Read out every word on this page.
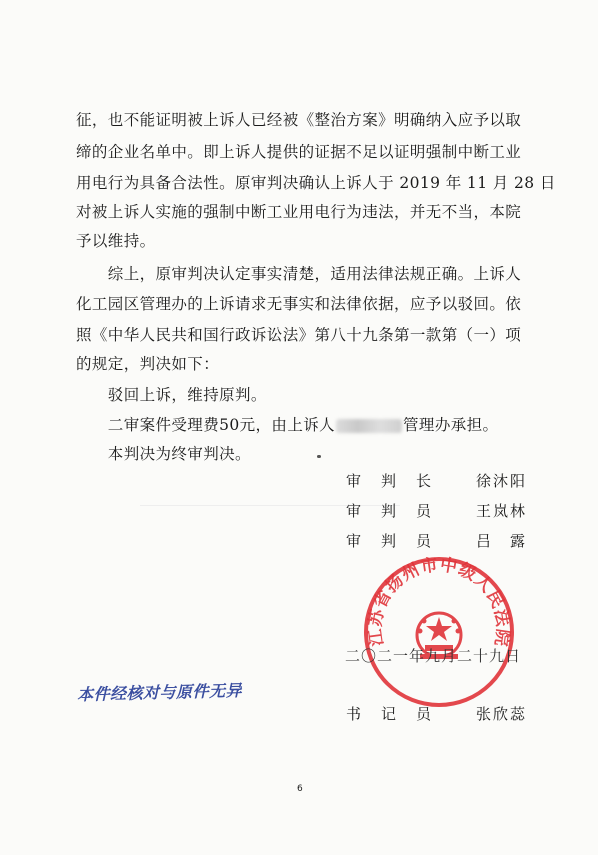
征，也不能证明被上诉人已经被《整治方案》明确纳入应予以取
缔的企业名单中。即上诉人提供的证据不足以证明强制中断工业
用电行为具备合法性。原审判决确认上诉人于 2019 年 11 月 28 日
对被上诉人实施的强制中断工业用电行为违法，并无不当，本院
予以维持。
　　综上，原审判决认定事实清楚，适用法律法规正确。上诉人
化工园区管理办的上诉请求无事实和法律依据，应予以驳回。依
照《中华人民共和国行政诉讼法》第八十九条第一款第（一）项
的规定，判决如下：
　　驳回上诉，维持原判。
　　二审案件受理费50元，由上诉人	管理办承担。
　　本判决为终审判决。
审判长 徐沐阳
审判员 王岚林
审判员 吕　露
江苏省扬州市中级人民法院
二〇二一年九月二十九日
本件经核对与原件无异
书记员 张欣蕊
6
